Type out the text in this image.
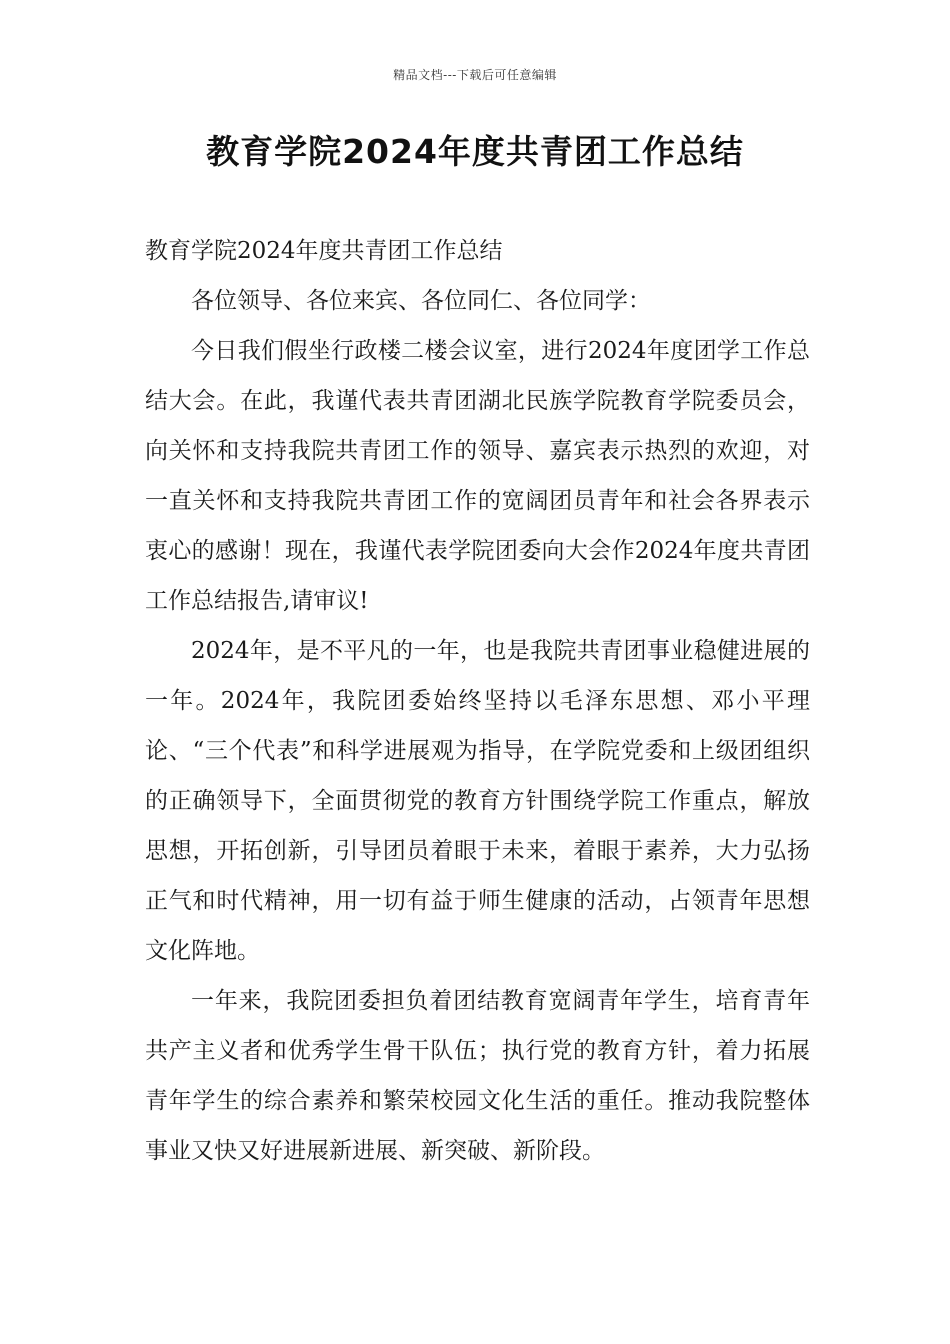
精品文档---下载后可任意编辑
教育学院2024年度共青团工作总结

教育学院2024年度共青团工作总结

各位领导、各位来宾、各位同仁、各位同学：

今日我们假坐行政楼二楼会议室，进行2024年度团学工作总结大会。在此，我谨代表共青团湖北民族学院教育学院委员会，向关怀和支持我院共青团工作的领导、嘉宾表示热烈的欢迎，对一直关怀和支持我院共青团工作的宽阔团员青年和社会各界表示衷心的感谢！现在，我谨代表学院团委向大会作2024年度共青团工作总结报告,请审议!

2024年，是不平凡的一年，也是我院共青团事业稳健进展的一年。2024年，我院团委始终坚持以毛泽东思想、邓小平理论、“三个代表”和科学进展观为指导，在学院党委和上级团组织的正确领导下，全面贯彻党的教育方针围绕学院工作重点，解放思想，开拓创新，引导团员着眼于未来，着眼于素养，大力弘扬正气和时代精神，用一切有益于师生健康的活动，占领青年思想文化阵地。

一年来，我院团委担负着团结教育宽阔青年学生，培育青年共产主义者和优秀学生骨干队伍；执行党的教育方针，着力拓展青年学生的综合素养和繁荣校园文化生活的重任。推动我院整体事业又快又好进展新进展、新突破、新阶段。
